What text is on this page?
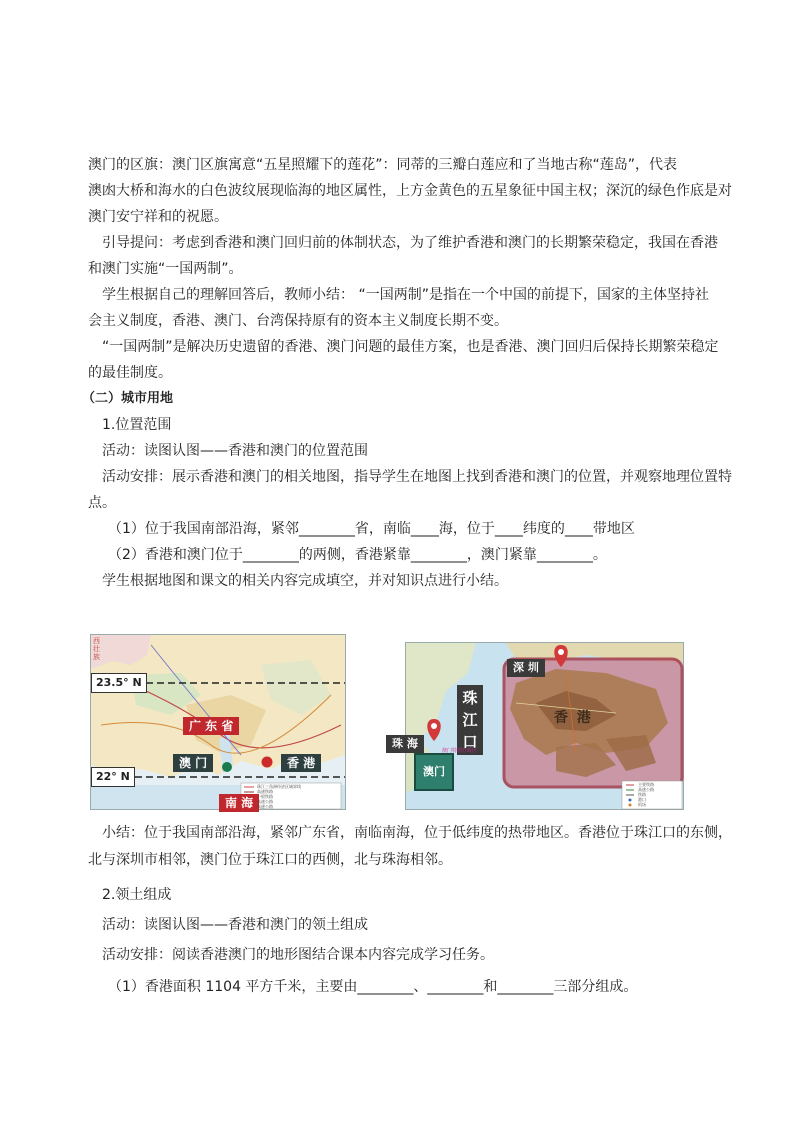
澳门的区旗：澳门区旗寓意“五星照耀下的莲花”：同蒂的三瓣白莲应和了当地古称“莲岛”，代表
澳凼大桥和海水的白色波纹展现临海的地区属性，上方金黄色的五星象征中国主权；深沉的绿色作底是对
澳门安宁祥和的祝愿。
引导提问：考虑到香港和澳门回归前的体制状态，为了维护香港和澳门的长期繁荣稳定，我国在香港
和澳门实施“一国两制”。
学生根据自己的理解回答后，教师小结： “一国两制”是指在一个中国的前提下，国家的主体坚持社
会主义制度，香港、澳门、台湾保持原有的资本主义制度长期不变。
“一国两制”是解决历史遗留的香港、澳门问题的最佳方案，也是香港、澳门回归后保持长期繁荣稳定
的最佳制度。
（二）城市用地
1.位置范围
活动：读图认图——香港和澳门的位置范围
活动安排：展示香港和澳门的相关地图，指导学生在地图上找到香港和澳门的位置，并观察地理位置特
点。
（1）位于我国南部沿海，紧邻________省，南临____海，位于____纬度的____带地区
（2）香港和澳门位于________的两侧，香港紧靠________，澳门紧靠________。
学生根据地图和课文的相关内容完成填空，并对知识点进行小结。
西 壮 族
23.5° N
22° N
广 东 省
澳 门	香 港
南 海
珠江三角洲经济区域界线
高速铁路
一般铁路
高速公路
高速公路
深 圳
珠 海
珠 江 口
香 港
澳门
澳门特别行政区
主要铁路
高速公路
铁路
港口
机场
小结：位于我国南部沿海，紧邻广东省，南临南海，位于低纬度的热带地区。香港位于珠江口的东侧，
北与深圳市相邻，澳门位于珠江口的西侧，北与珠海相邻。
2.领土组成
活动：读图认图——香港和澳门的领土组成
活动安排：阅读香港澳门的地形图结合课本内容完成学习任务。
（1）香港面积 1104 平方千米，主要由________、________和________三部分组成。
